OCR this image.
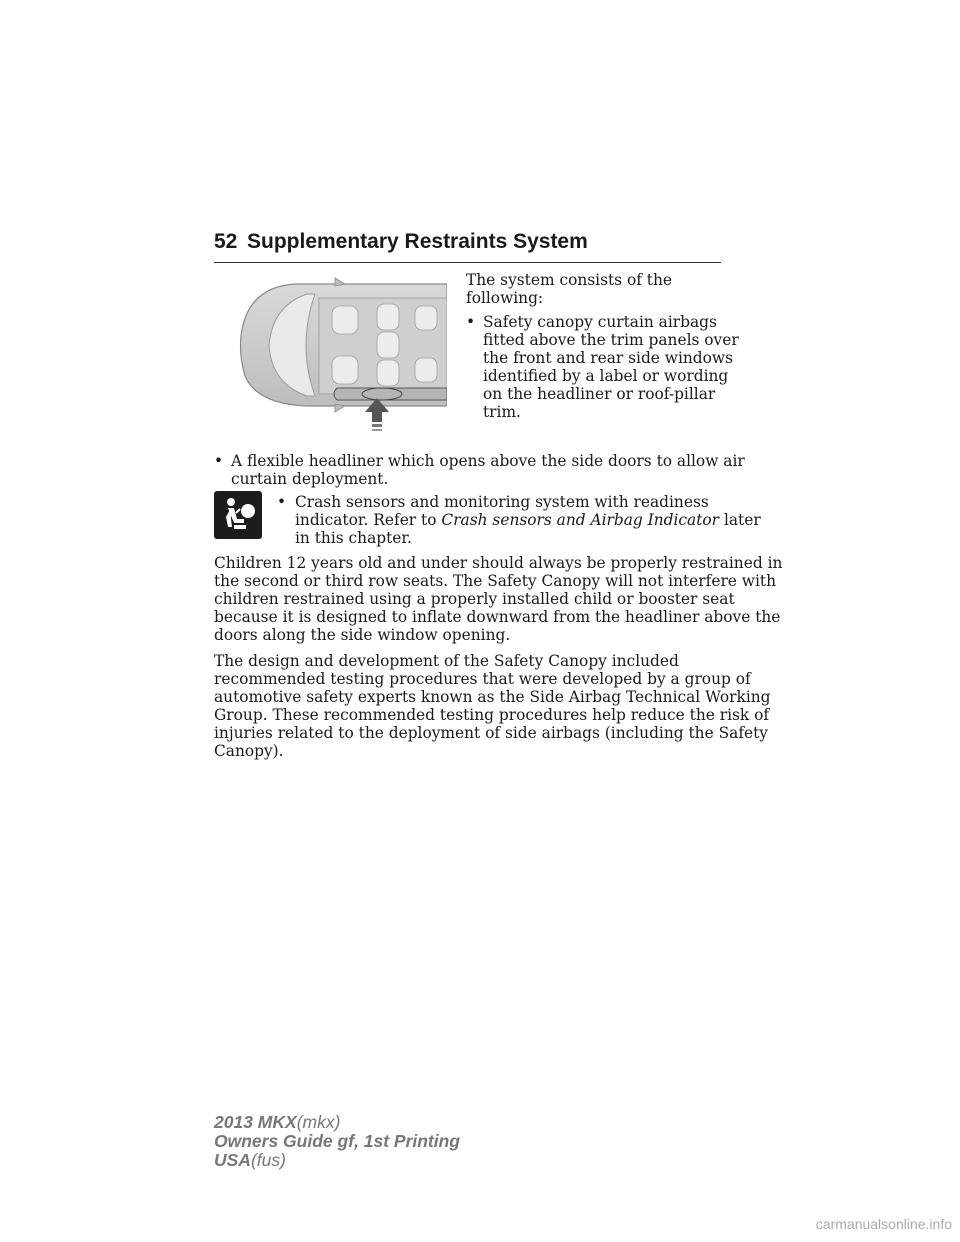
52 Supplementary Restraints System

The system consists of the

following:

• Safety canopy curtain airbags

fitted above the trim panels over

the front and rear side windows

identified by a label or wording

on the headliner or roof-pillar

trim.

• A flexible headliner which opens above the side doors to allow air

curtain deployment.

• Crash sensors and monitoring system with readiness

indicator. Refer to Crash sensors and Airbag Indicator later

in this chapter.

Children 12 years old and under should always be properly restrained in

the second or third row seats. The Safety Canopy will not interfere with

children restrained using a properly installed child or booster seat

because it is designed to inflate downward from the headliner above the

doors along the side window opening.

The design and development of the Safety Canopy included

recommended testing procedures that were developed by a group of

automotive safety experts known as the Side Airbag Technical Working

Group. These recommended testing procedures help reduce the risk of

injuries related to the deployment of side airbags (including the Safety

Canopy).

2013 MKX(mkx)
Owners Guide gf, 1st Printing
USA(fus)
carmanualsonline.info
